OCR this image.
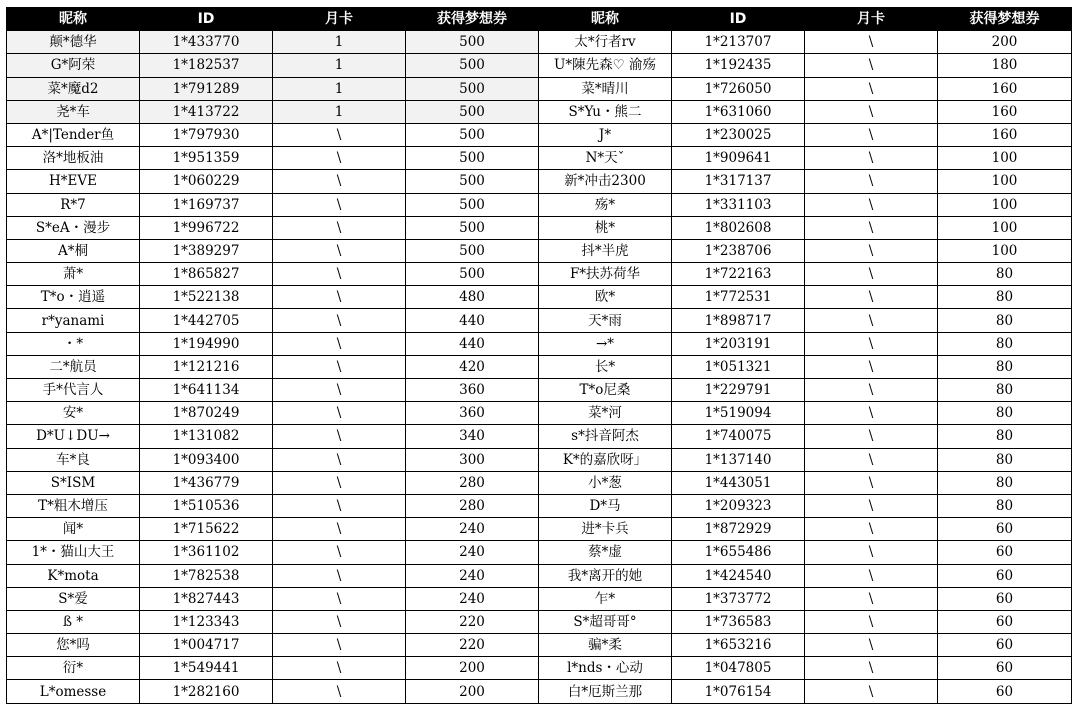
昵称	ID	月卡	获得梦想券	昵称	ID	月卡	获得梦想券
颠*德华	1*433770	1	500	太*行者rv	1*213707	\	200
G*阿荣	1*182537	1	500	U*陳先森♡ 渝殇	1*192435	\	180
菜*魔d2	1*791289	1	500	菜*晴川	1*726050	\	160
尧*车	1*413722	1	500	S*Yu・熊二	1*631060	\	160
A*|Tender鱼	1*797930	\	500	J*	1*230025	\	160
洛*地板油	1*951359	\	500	N*天ˇ	1*909641	\	100
H*EVE	1*060229	\	500	新*冲击2300	1*317137	\	100
R*7	1*169737	\	500	殇*	1*331103	\	100
S*eA・漫步	1*996722	\	500	桃*	1*802608	\	100
A*桐	1*389297	\	500	抖*半虎	1*238706	\	100
萧*	1*865827	\	500	F*扶苏荷华	1*722163	\	80
T*o・逍遥	1*522138	\	480	欧*	1*772531	\	80
r*yanami	1*442705	\	440	天*雨	1*898717	\	80
・*	1*194990	\	440	→*	1*203191	\	80
二*航员	1*121216	\	420	长*	1*051321	\	80
手*代言人	1*641134	\	360	T*o尼桑	1*229791	\	80
安*	1*870249	\	360	菜*河	1*519094	\	80
D*U↓DU→	1*131082	\	340	s*抖音阿杰	1*740075	\	80
车*良	1*093400	\	300	K*的嘉欣呀」	1*137140	\	80
S*ISM	1*436779	\	280	小*葱	1*443051	\	80
T*粗木增压	1*510536	\	280	D*马	1*209323	\	80
闻*	1*715622	\	240	进*卡兵	1*872929	\	60
1*・猫山大王	1*361102	\	240	蔡*虚	1*655486	\	60
K*mota	1*782538	\	240	我*离开的她	1*424540	\	60
S*爱	1*827443	\	240	乍*	1*373772	\	60
ß *	1*123343	\	220	S*超哥哥°	1*736583	\	60
您*吗	1*004717	\	220	骗*柔	1*653216	\	60
衍*	1*549441	\	200	l*nds・心动	1*047805	\	60
L*omesse	1*282160	\	200	白*厄斯兰那	1*076154	\	60
